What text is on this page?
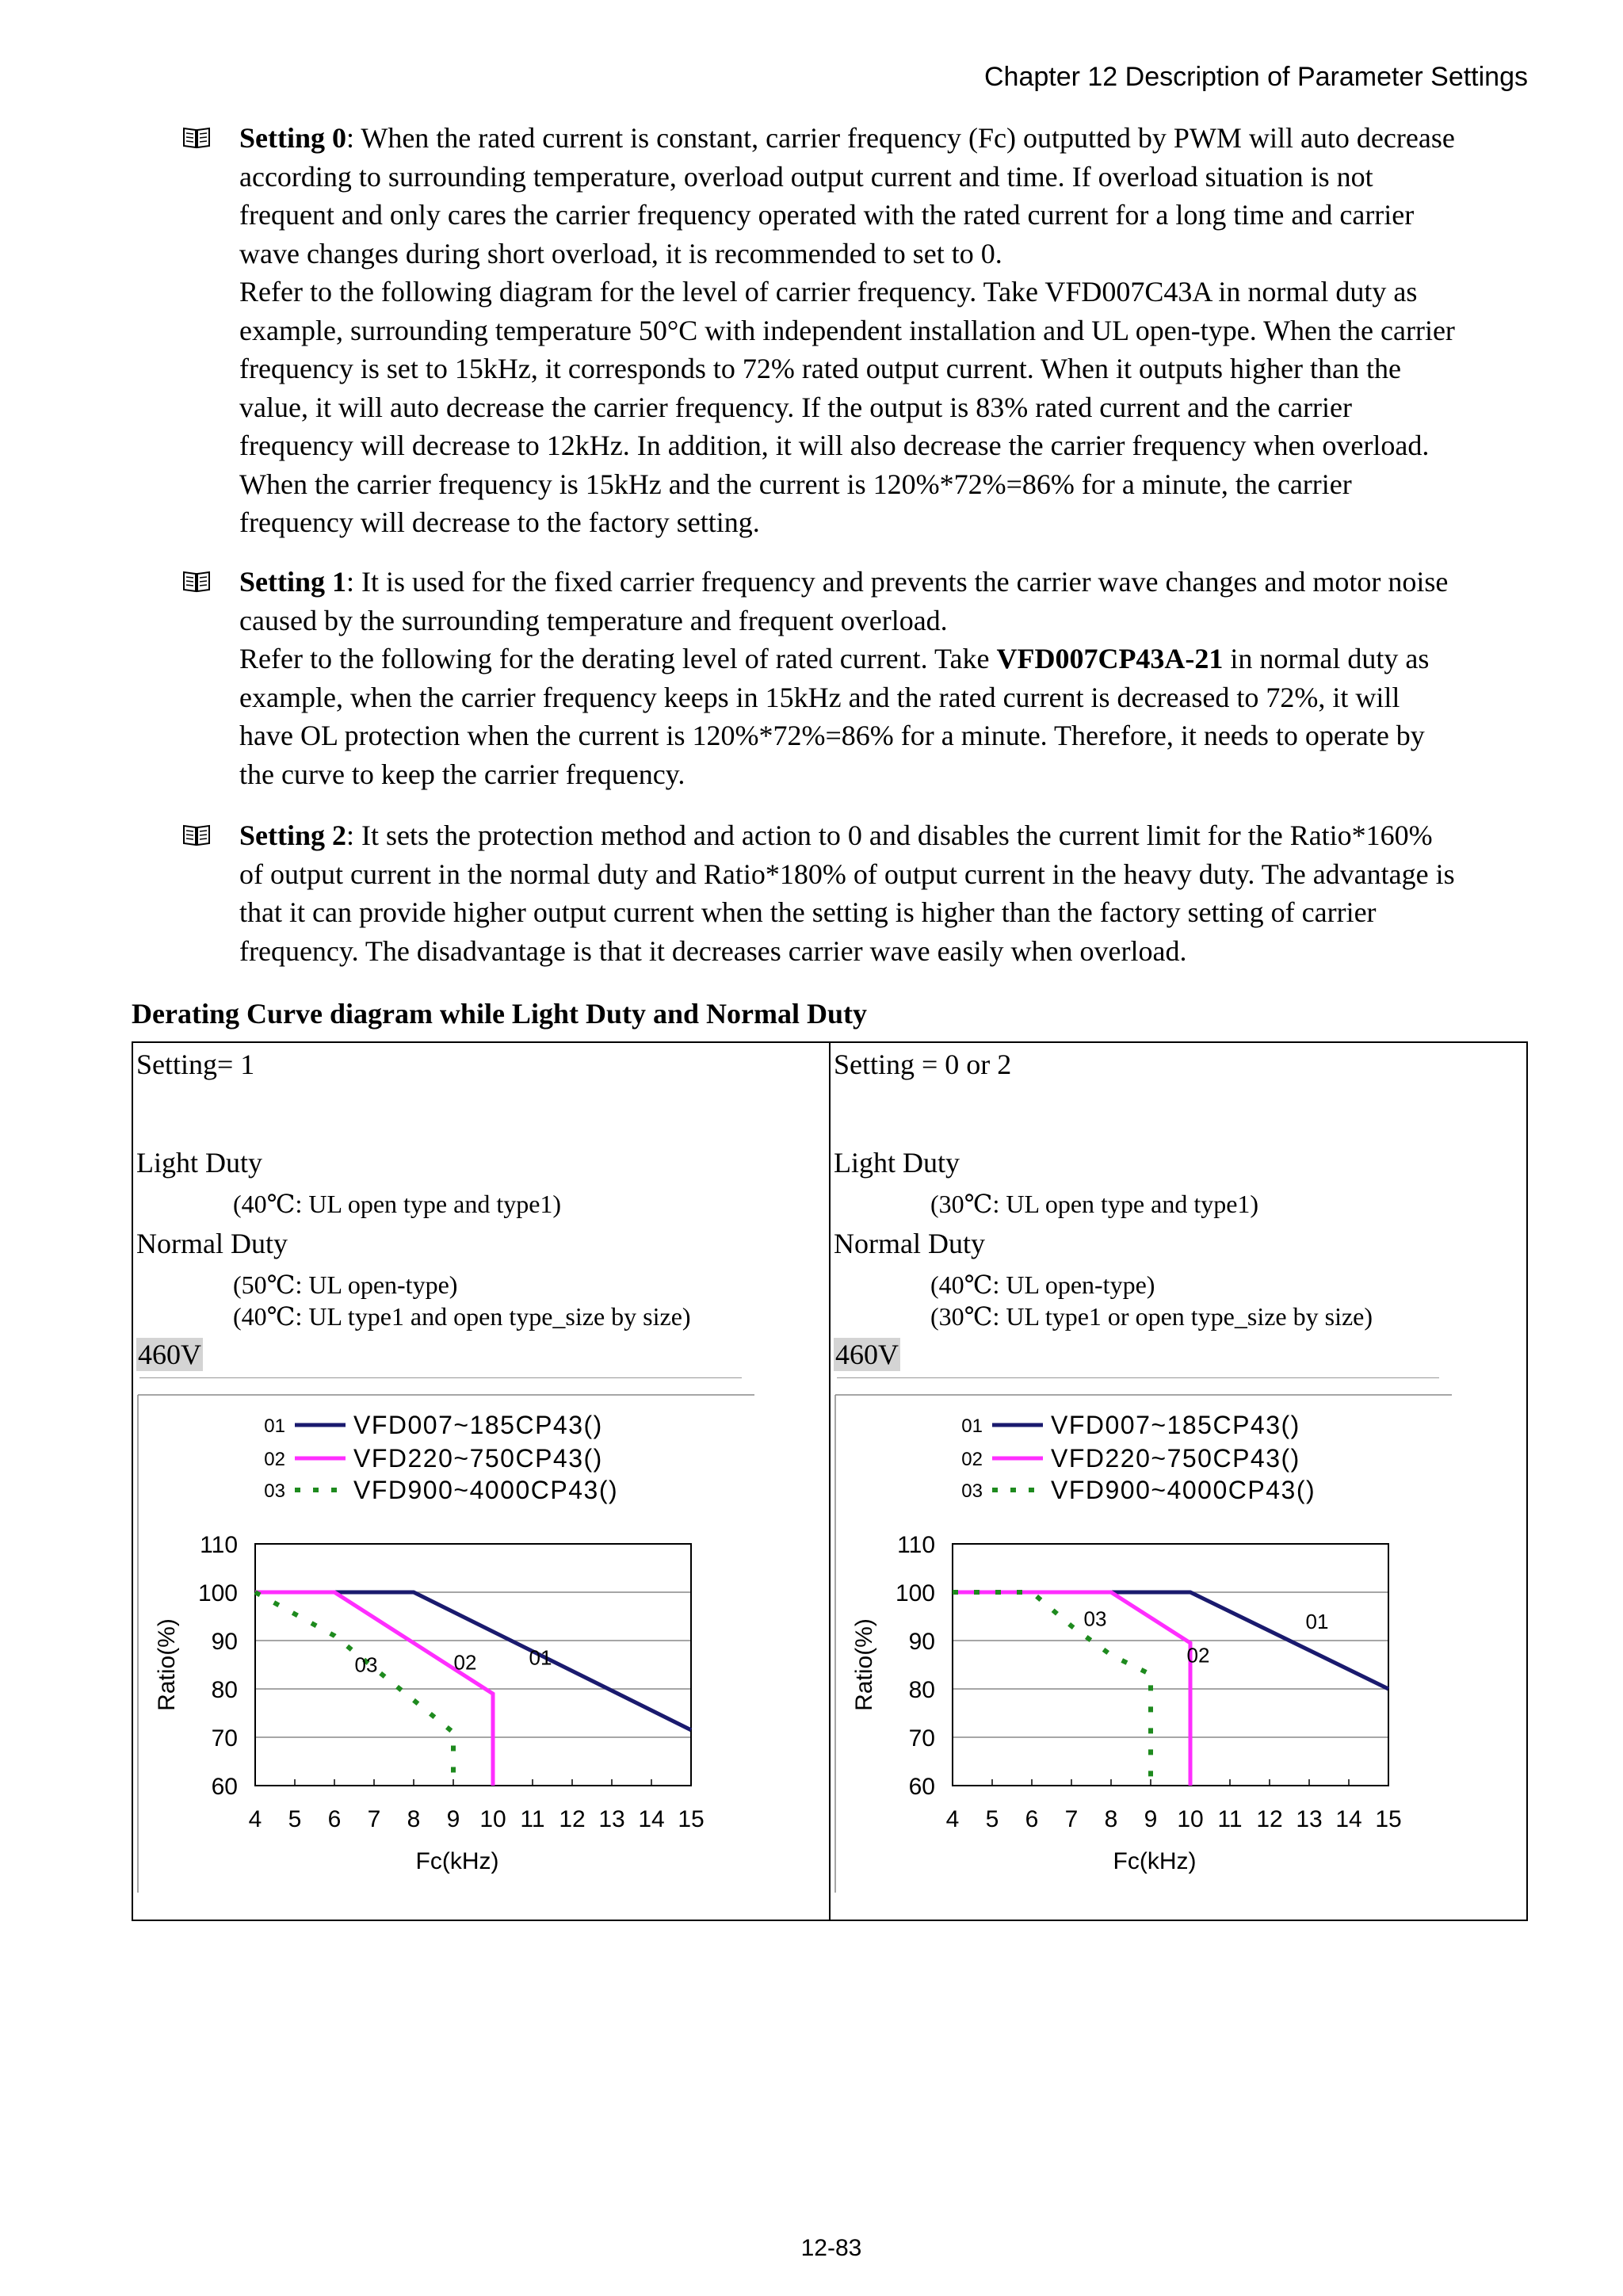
Chapter 12 Description of Parameter Settings
Setting 0: When the rated current is constant, carrier frequency (Fc) outputted by PWM will auto decrease
according to surrounding temperature, overload output current and time. If overload situation is not
frequent and only cares the carrier frequency operated with the rated current for a long time and carrier
wave changes during short overload, it is recommended to set to 0.
Refer to the following diagram for the level of carrier frequency. Take VFD007C43A in normal duty as
example, surrounding temperature 50°C with independent installation and UL open-type. When the carrier
frequency is set to 15kHz, it corresponds to 72% rated output current. When it outputs higher than the
value, it will auto decrease the carrier frequency. If the output is 83% rated current and the carrier
frequency will decrease to 12kHz. In addition, it will also decrease the carrier frequency when overload.
When the carrier frequency is 15kHz and the current is 120%*72%=86% for a minute, the carrier
frequency will decrease to the factory setting.
Setting 1: It is used for the fixed carrier frequency and prevents the carrier wave changes and motor noise
caused by the surrounding temperature and frequent overload.
Refer to the following for the derating level of rated current. Take VFD007CP43A-21 in normal duty as
example, when the carrier frequency keeps in 15kHz and the rated current is decreased to 72%, it will
have OL protection when the current is 120%*72%=86% for a minute. Therefore, it needs to operate by
the curve to keep the carrier frequency.
Setting 2: It sets the protection method and action to 0 and disables the current limit for the Ratio*160%
of output current in the normal duty and Ratio*180% of output current in the heavy duty. The advantage is
that it can provide higher output current when the setting is higher than the factory setting of carrier
frequency. The disadvantage is that it decreases carrier wave easily when overload.
Derating Curve diagram while Light Duty and Normal Duty
Setting= 1
Light Duty
(40℃: UL open type and type1)
Normal Duty
(50℃: UL open-type)
(40℃: UL type1 and open type_size by size)
460V
4 5 6 7 8 9 10 11 12 13 14 15
60
70
80
90
100
110
Fc(kHz)
Ratio(%)	01
02
03
01	VFD007~185CP43()
02	VFD220~750CP43()
03	VFD900~4000CP43()
Setting = 0 or 2
Light Duty
(30℃: UL open type and type1)
Normal Duty
(40℃: UL open-type)
(30℃: UL type1 or open type_size by size)
460V
4 5 6 7 8 9 10 11 12 13 14 15
60
70
80
90
100
110
Fc(kHz)
Ratio(%)	01
02
03
01	VFD007~185CP43()
02	VFD220~750CP43()
03	VFD900~4000CP43()
12-83
